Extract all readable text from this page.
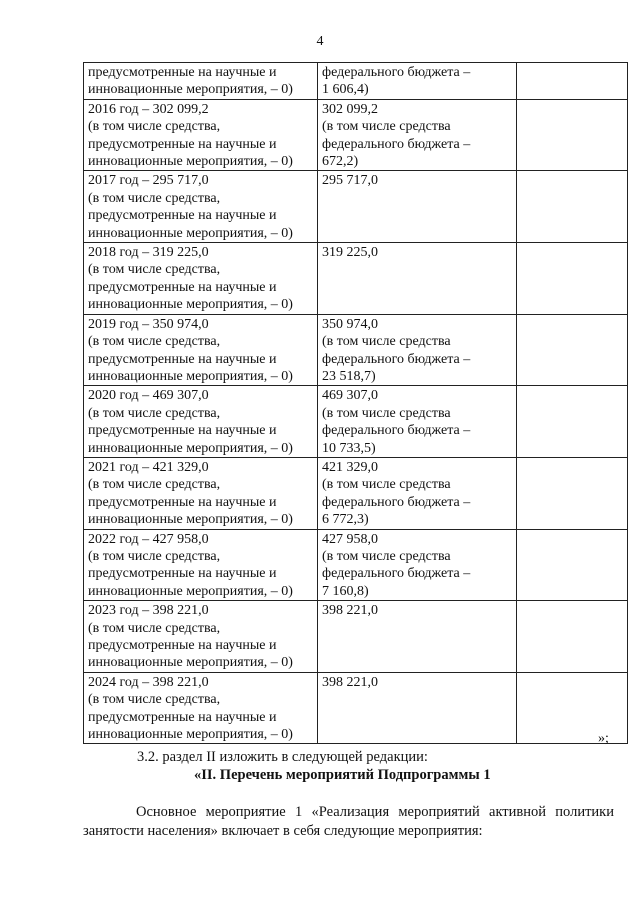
4
предусмотренные на научные и
инновационные мероприятия, – 0)	федерального бюджета –
1 606,4)	

2016 год – 302 099,2
(в том числе средства,
предусмотренные на научные и
инновационные мероприятия, – 0)	302 099,2
(в том числе средства
федерального бюджета –
672,2)	

2017 год – 295 717,0
(в том числе средства,
предусмотренные на научные и
инновационные мероприятия, – 0)	295 717,0	

2018 год – 319 225,0
(в том числе средства,
предусмотренные на научные и
инновационные мероприятия, – 0)	319 225,0	

2019 год – 350 974,0
(в том числе средства,
предусмотренные на научные и
инновационные мероприятия, – 0)	350 974,0
(в том числе средства
федерального бюджета –
23 518,7)	

2020 год – 469 307,0
(в том числе средства,
предусмотренные на научные и
инновационные мероприятия, – 0)	469 307,0
(в том числе средства
федерального бюджета –
10 733,5)	

2021 год – 421 329,0
(в том числе средства,
предусмотренные на научные и
инновационные мероприятия, – 0)	421 329,0
(в том числе средства
федерального бюджета –
6 772,3)	

2022 год – 427 958,0
(в том числе средства,
предусмотренные на научные и
инновационные мероприятия, – 0)	427 958,0
(в том числе средства
федерального бюджета –
7 160,8)	

2023 год – 398 221,0
(в том числе средства,
предусмотренные на научные и
инновационные мероприятия, – 0)	398 221,0	

2024 год – 398 221,0
(в том числе средства,
предусмотренные на научные и
инновационные мероприятия, – 0)	398 221,0	

»;
3.2. раздел II изложить в следующей редакции:
«II. Перечень мероприятий Подпрограммы 1
Основное мероприятие 1 «Реализация мероприятий активной политики
занятости населения» включает в себя следующие мероприятия:
